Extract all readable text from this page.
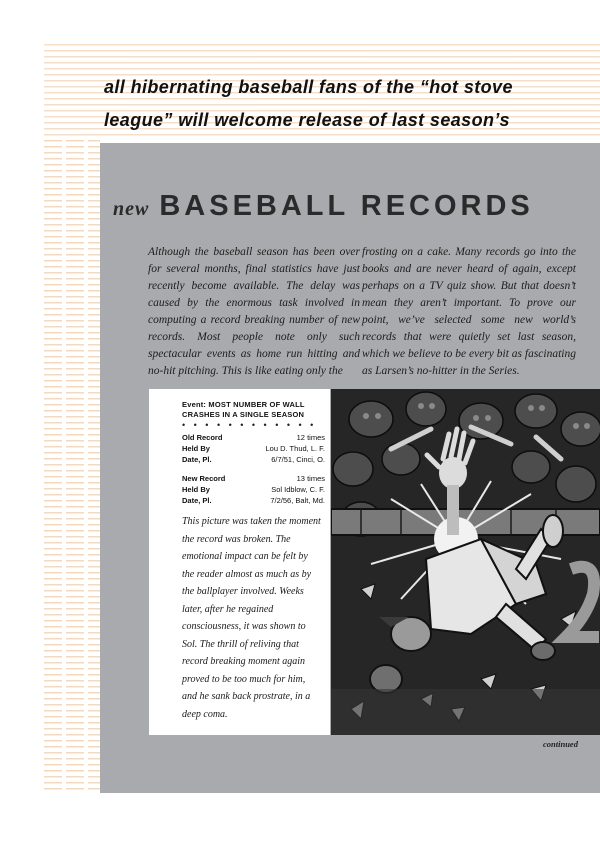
all hibernating baseball fans of the “hot stove
league” will welcome release of last season’s
new BASEBALL RECORDS
Although the baseball season has been over for several months, final statistics have just recently become available. The delay was caused by the enormous task involved in computing a record breaking number of new records. Most people note only such spectacular events as home run hitting and no-hit pitching. This is like eating only the
frosting on a cake. Many records go into the books and are never heard of again, except perhaps on a TV quiz show. But that doesn’t mean they aren’t important. To prove our point, we’ve selected some new world’s records that were quietly set last season, which we believe to be every bit as fascinating as Larsen’s no-hitter in the Series.
Event: MOST NUMBER OF WALL CRASHES IN A SINGLE SEASON
• • • • • • • • • • • •
Old Record	12 times
Held By	Lou D. Thud, L. F.
Date, Pl.	6/7/51, Cinci, O.
New Record	13 times
Held By	Sol Idblow, C. F.
Date, Pl.	7/2/56, Balt, Md.
This picture was taken the moment the record was broken. The emotional impact can be felt by the reader almost as much as by the ballplayer involved. Weeks later, after he regained consciousness, it was shown to Sol. The thrill of reliving that record breaking moment again proved to be too much for him, and he sank back prostrate, in a deep coma.
continued
